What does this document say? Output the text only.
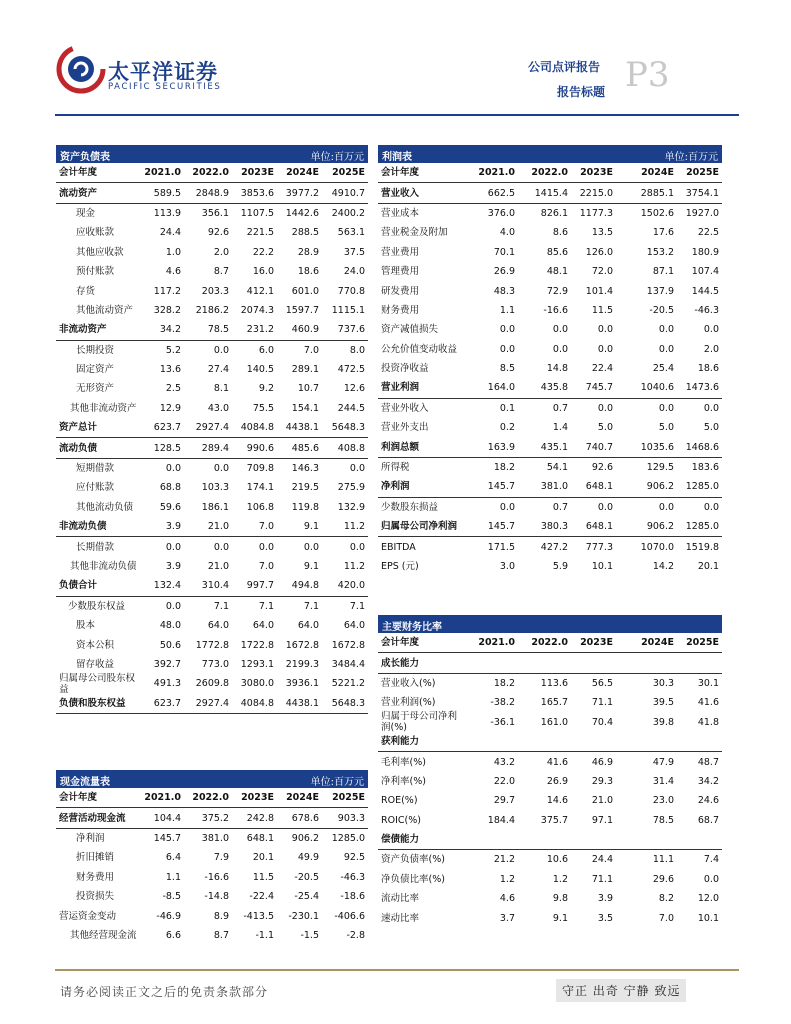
太平洋证券
PACIFIC SECURITIES
公司点评报告
报告标题 P3
资产负债表	单位:百万元
会计年度	2021.0	2022.0	2023E	2024E	2025E
流动资产	589.5	2848.9	3853.6	3977.2	4910.7
现金	113.9	356.1	1107.5	1442.6	2400.2
应收账款	24.4	92.6	221.5	288.5	563.1
其他应收款	1.0	2.0	22.2	28.9	37.5
预付账款	4.6	8.7	16.0	18.6	24.0
存货	117.2	203.3	412.1	601.0	770.8
其他流动资产	328.2	2186.2	2074.3	1597.7	1115.1
非流动资产	34.2	78.5	231.2	460.9	737.6
长期投资	5.2	0.0	6.0	7.0	8.0
固定资产	13.6	27.4	140.5	289.1	472.5
无形资产	2.5	8.1	9.2	10.7	12.6
其他非流动资产	12.9	43.0	75.5	154.1	244.5
资产总计	623.7	2927.4	4084.8	4438.1	5648.3
流动负债	128.5	289.4	990.6	485.6	408.8
短期借款	0.0	0.0	709.8	146.3	0.0
应付账款	68.8	103.3	174.1	219.5	275.9
其他流动负债	59.6	186.1	106.8	119.8	132.9
非流动负债	3.9	21.0	7.0	9.1	11.2
长期借款	0.0	0.0	0.0	0.0	0.0
其他非流动负债	3.9	21.0	7.0	9.1	11.2
负债合计	132.4	310.4	997.7	494.8	420.0
少数股东权益	0.0	7.1	7.1	7.1	7.1
股本	48.0	64.0	64.0	64.0	64.0
资本公积	50.6	1772.8	1722.8	1672.8	1672.8
留存收益	392.7	773.0	1293.1	2199.3	3484.4
归属母公司股东权益
491.3	2609.8	3080.0	3936.1	5221.2
负债和股东权益	623.7	2927.4	4084.8	4438.1	5648.3
利润表	单位:百万元
会计年度	2021.0	2022.0	2023E	2024E	2025E
营业收入	662.5	1415.4	2215.0	2885.1	3754.1
营业成本	376.0	826.1	1177.3	1502.6	1927.0
营业税金及附加	4.0	8.6	13.5	17.6	22.5
营业费用	70.1	85.6	126.0	153.2	180.9
管理费用	26.9	48.1	72.0	87.1	107.4
研发费用	48.3	72.9	101.4	137.9	144.5
财务费用	1.1	-16.6	11.5	-20.5	-46.3
资产减值损失	0.0	0.0	0.0	0.0	0.0
公允价值变动收益	0.0	0.0	0.0	0.0	2.0
投资净收益	8.5	14.8	22.4	25.4	18.6
营业利润	164.0	435.8	745.7	1040.6	1473.6
营业外收入	0.1	0.7	0.0	0.0	0.0
营业外支出	0.2	1.4	5.0	5.0	5.0
利润总额	163.9	435.1	740.7	1035.6	1468.6
所得税	18.2	54.1	92.6	129.5	183.6
净利润	145.7	381.0	648.1	906.2	1285.0
少数股东损益	0.0	0.7	0.0	0.0	0.0
归属母公司净利润	145.7	380.3	648.1	906.2	1285.0
EBITDA	171.5	427.2	777.3	1070.0	1519.8
EPS (元)	3.0	5.9	10.1	14.2	20.1
主要财务比率
会计年度	2021.0	2022.0	2023E	2024E	2025E
成长能力
营业收入(%)	18.2	113.6	56.5	30.3	30.1
营业利润(%)	-38.2	165.7	71.1	39.5	41.6
归属于母公司净利润(%)
-36.1	161.0	70.4	39.8	41.8
获利能力
毛利率(%)	43.2	41.6	46.9	47.9	48.7
净利率(%)	22.0	26.9	29.3	31.4	34.2
ROE(%)	29.7	14.6	21.0	23.0	24.6
ROIC(%)	184.4	375.7	97.1	78.5	68.7
偿债能力
资产负债率(%)	21.2	10.6	24.4	11.1	7.4
净负债比率(%)	1.2	1.2	71.1	29.6	0.0
流动比率	4.6	9.8	3.9	8.2	12.0
速动比率	3.7	9.1	3.5	7.0	10.1
现金流量表	单位:百万元
会计年度	2021.0	2022.0	2023E	2024E	2025E
经营活动现金流	104.4	375.2	242.8	678.6	903.3
净利润	145.7	381.0	648.1	906.2	1285.0
折旧摊销	6.4	7.9	20.1	49.9	92.5
财务费用	1.1	-16.6	11.5	-20.5	-46.3
投资损失	-8.5	-14.8	-22.4	-25.4	-18.6
营运资金变动	-46.9	8.9	-413.5	-230.1	-406.6
其他经营现金流	6.6	8.7	-1.1	-1.5	-2.8
请务必阅读正文之后的免责条款部分	守正 出奇 宁静 致远
